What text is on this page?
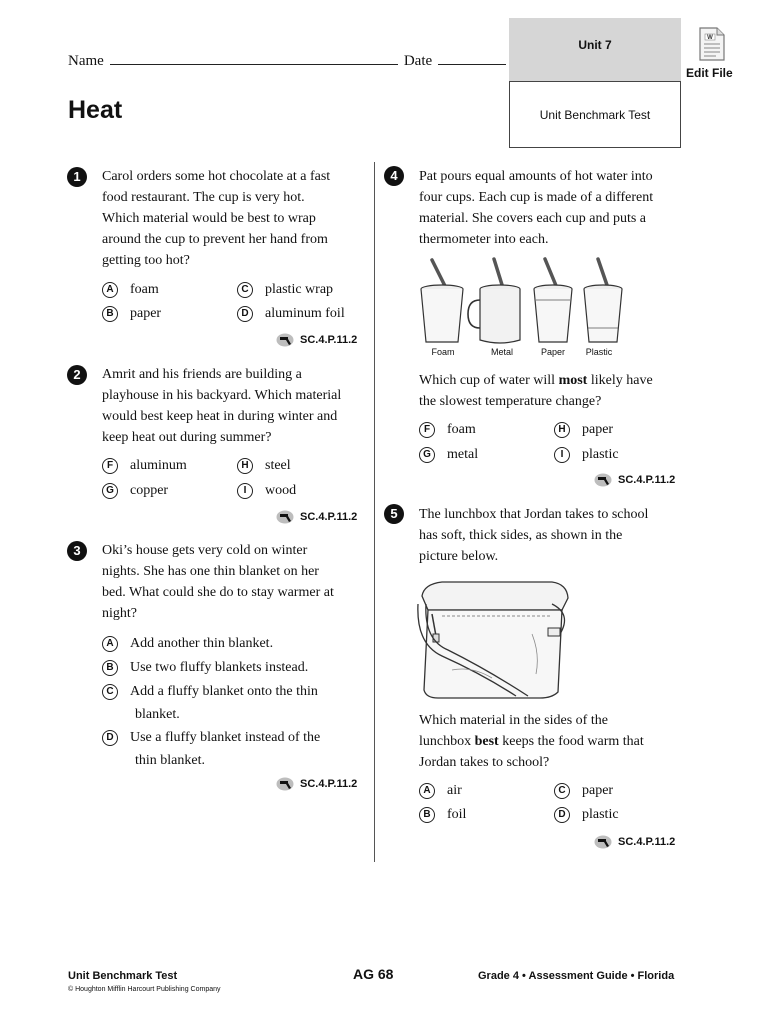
Name	Date
Unit 7
Unit Benchmark Test
W
Edit File
Heat
1	Carol orders some hot chocolate at a fast
food restaurant. The cup is very hot.
Which material would be best to wrap
around the cup to prevent her hand from
getting too hot?
A foam	C plastic wrap
B paper	D aluminum foil
SC.4.P.11.2
2	Amrit and his friends are building a
playhouse in his backyard. Which material
would best keep heat in during winter and
keep heat out during summer?
F aluminum	H steel
G copper	I wood
SC.4.P.11.2
3	Oki’s house gets very cold on winter
nights. She has one thin blanket on her
bed. What could she do to stay warmer at
night?
A Add another thin blanket.
B Use two fluffy blankets instead.
C Add a fluffy blanket onto the thin
blanket.
D Use a fluffy blanket instead of the
thin blanket.
SC.4.P.11.2
4	Pat pours equal amounts of hot water into
four cups. Each cup is made of a different
material. She covers each cup and puts a
thermometer into each.
Foam	Metal	Paper	Plastic
Which cup of water will most likely have
the slowest temperature change?
F foam	H paper
G metal	I plastic
SC.4.P.11.2
5	The lunchbox that Jordan takes to school
has soft, thick sides, as shown in the
picture below.
Which material in the sides of the
lunchbox best keeps the food warm that
Jordan takes to school?
A air	C paper
B foil	D plastic
SC.4.P.11.2
Unit Benchmark Test
© Houghton Mifflin Harcourt Publishing Company
AG 68	Grade 4 • Assessment Guide • Florida
